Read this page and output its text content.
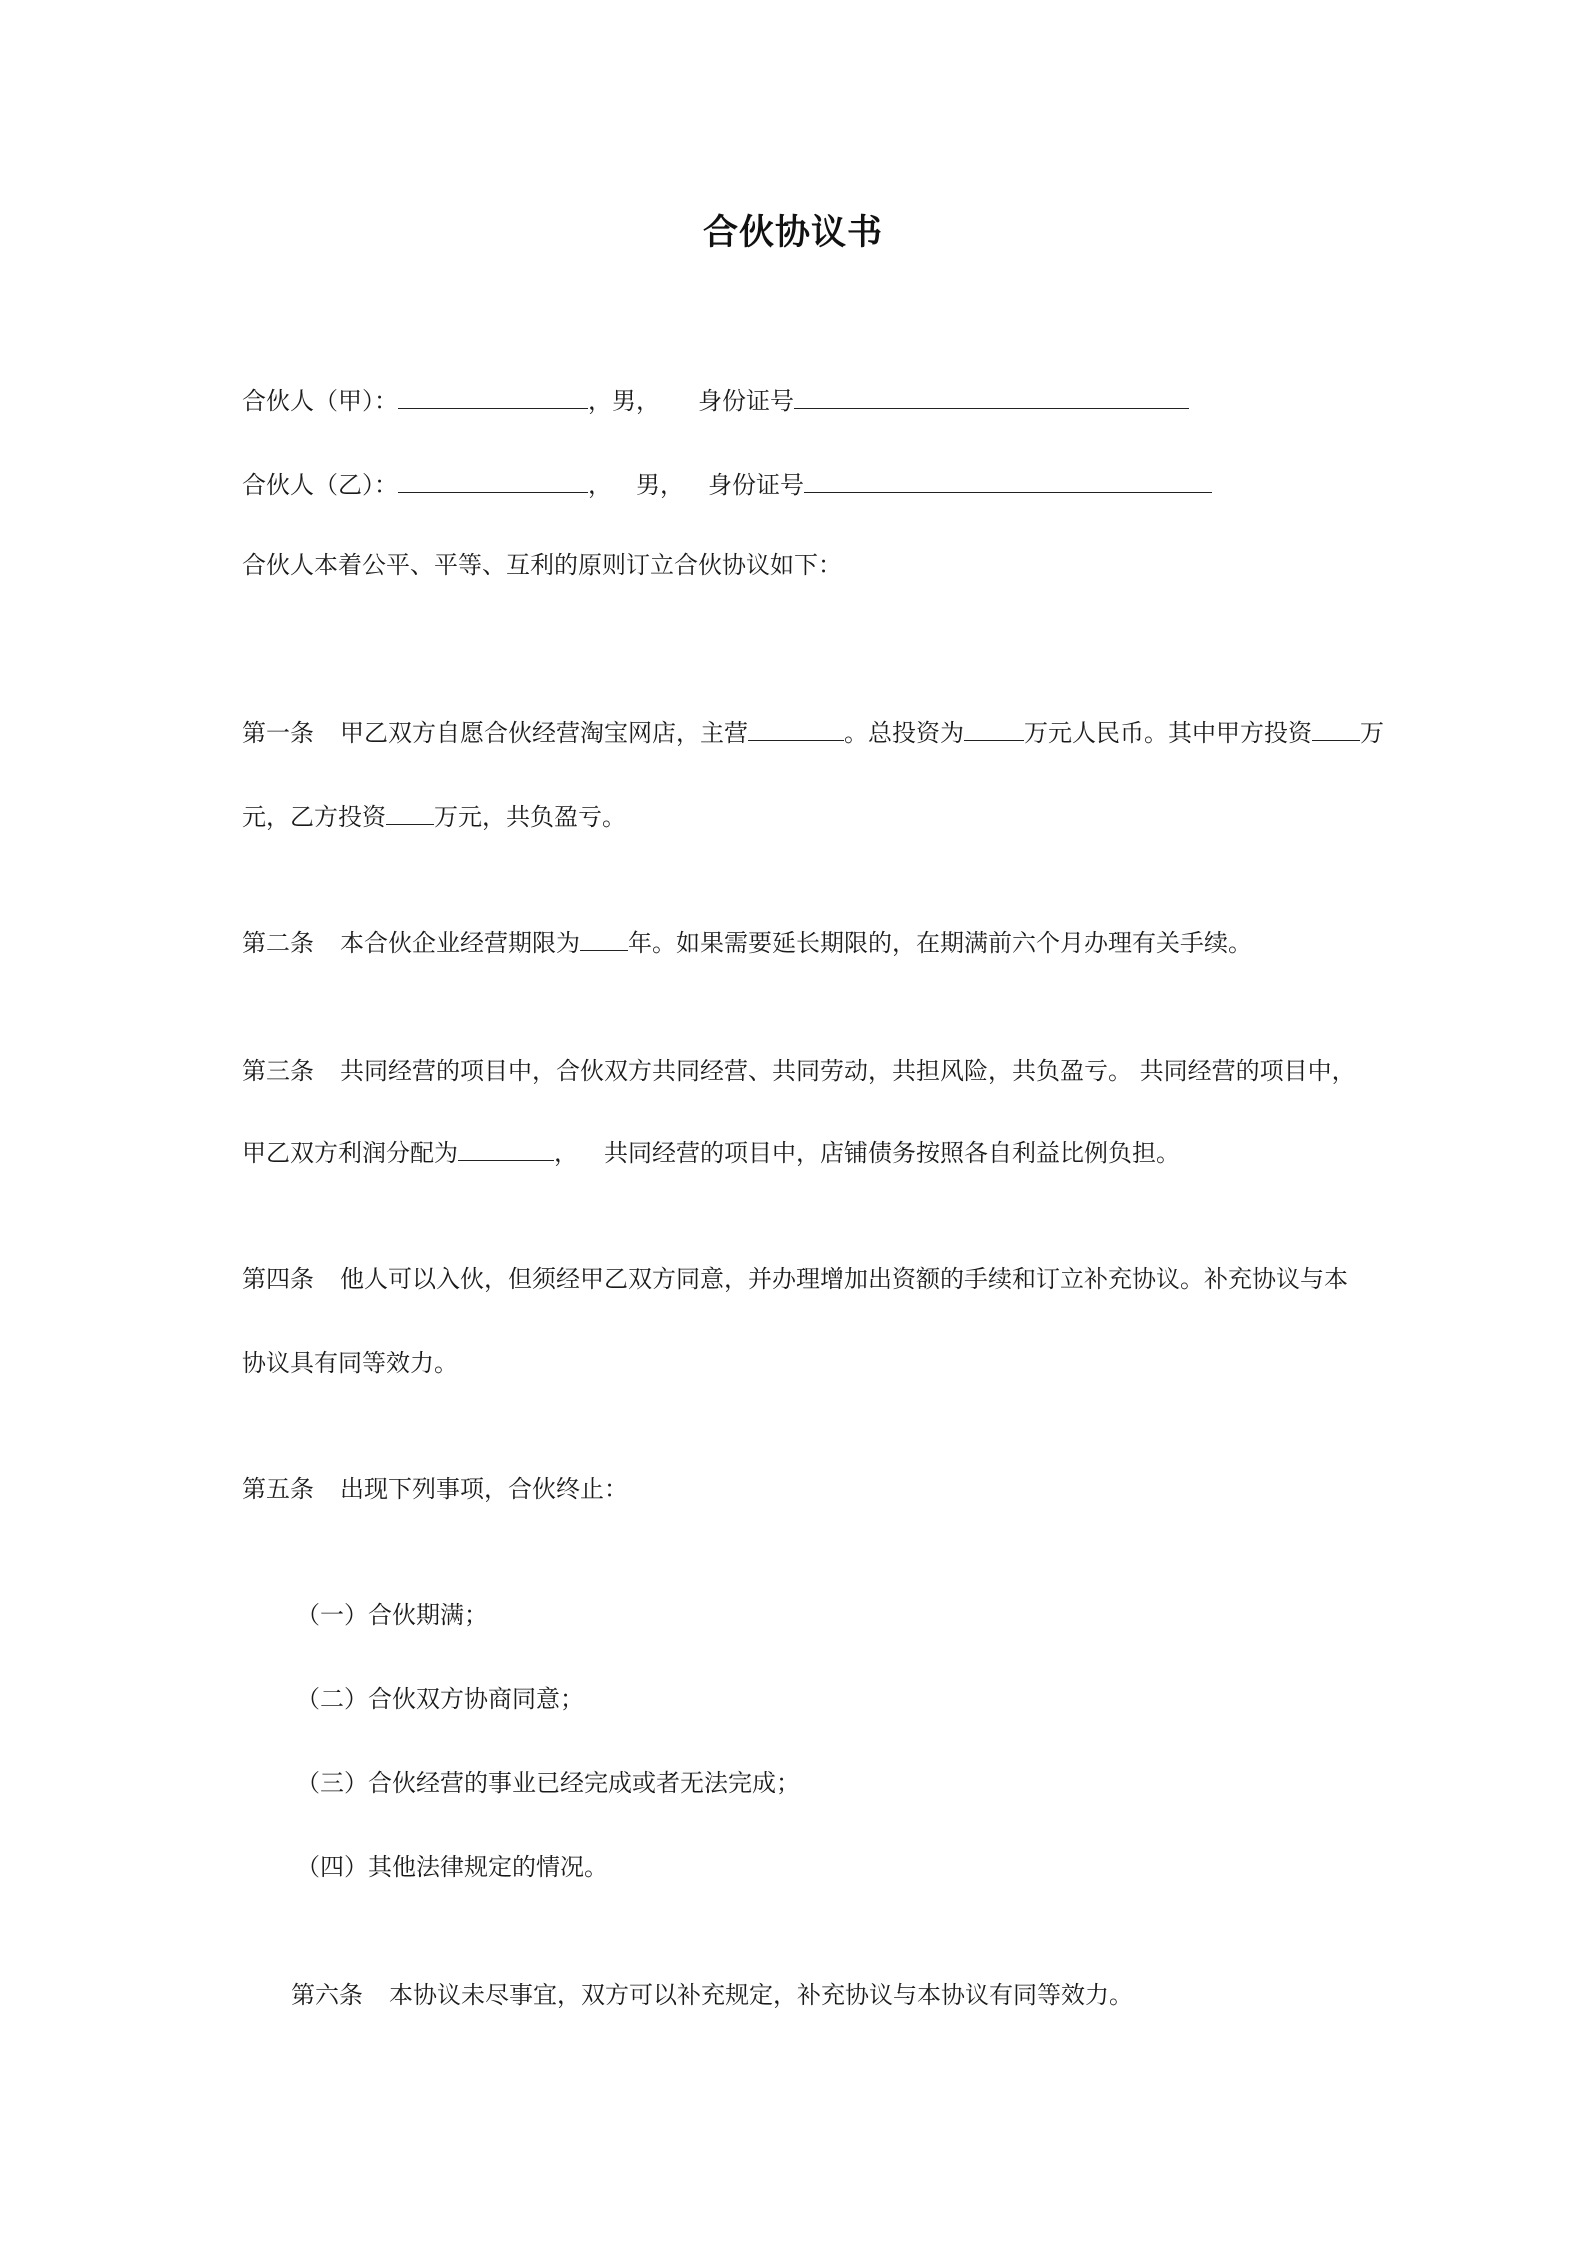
合伙协议书
合伙人（甲）：	，男， 身份证号
合伙人（乙）：	， 男， 身份证号
合伙人本着公平、平等、互利的原则订立合伙协议如下：
第一条 甲乙双方自愿合伙经营淘宝网店，主营	。总投资为	万元人民币。其中甲方投资 万
元，乙方投资 万元，共负盈亏。
第二条 本合伙企业经营期限为 年。如果需要延长期限的，在期满前六个月办理有关手续。
第三条 共同经营的项目中，合伙双方共同经营、共同劳动，共担风险，共负盈亏。 共同经营的项目中，
甲乙双方利润分配为	， 共同经营的项目中，店铺债务按照各自利益比例负担。
第四条 他人可以入伙，但须经甲乙双方同意，并办理增加出资额的手续和订立补充协议。补充协议与本
协议具有同等效力。
第五条 出现下列事项，合伙终止：
（一）合伙期满；
（二）合伙双方协商同意；
（三）合伙经营的事业已经完成或者无法完成；
（四）其他法律规定的情况。
第六条 本协议未尽事宜，双方可以补充规定，补充协议与本协议有同等效力。
